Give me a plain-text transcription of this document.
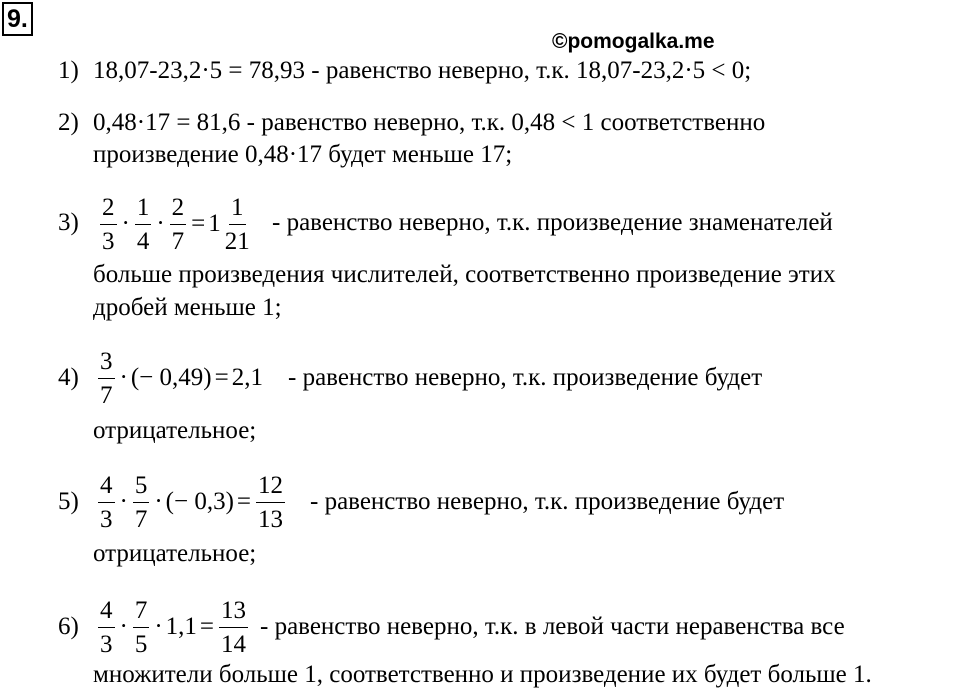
9.
©pomogalka.me
1) 18,07-23,2·5 = 78,93 - равенство неверно, т.к. 18,07-23,2·5 < 0;
2) 0,48·17 = 81,6 - равенство неверно, т.к. 0,48 < 1 соответственно
произведение 0,48·17 будет меньше 17;
$3) \frac{2}{3} \cdot \frac{1}{4} \cdot \frac{2}{7} = 1 \frac{1}{21}$ - равенство неверно, т.к. произведение знаменателей
больше произведения числителей, соответственно произведение этих
дробей меньше 1;
$4) \frac{3}{7}$ · (− 0,49) = 2,1 - равенство неверно, т.к. произведение будет
отрицательное;
$5) \frac{4}{3} \cdot \frac{5}{7}$ · (− $0,3) = \frac{12}{13}$ - равенство неверно, т.к. произведение будет
отрицательное;
$6) \frac{4}{3} \cdot \frac{7}{5} \cdot 1,1 = \frac{13}{14}$ - равенство неверно, т.к. в левой части неравенства все
множители больше 1, соответственно и произведение их будет больше 1.
